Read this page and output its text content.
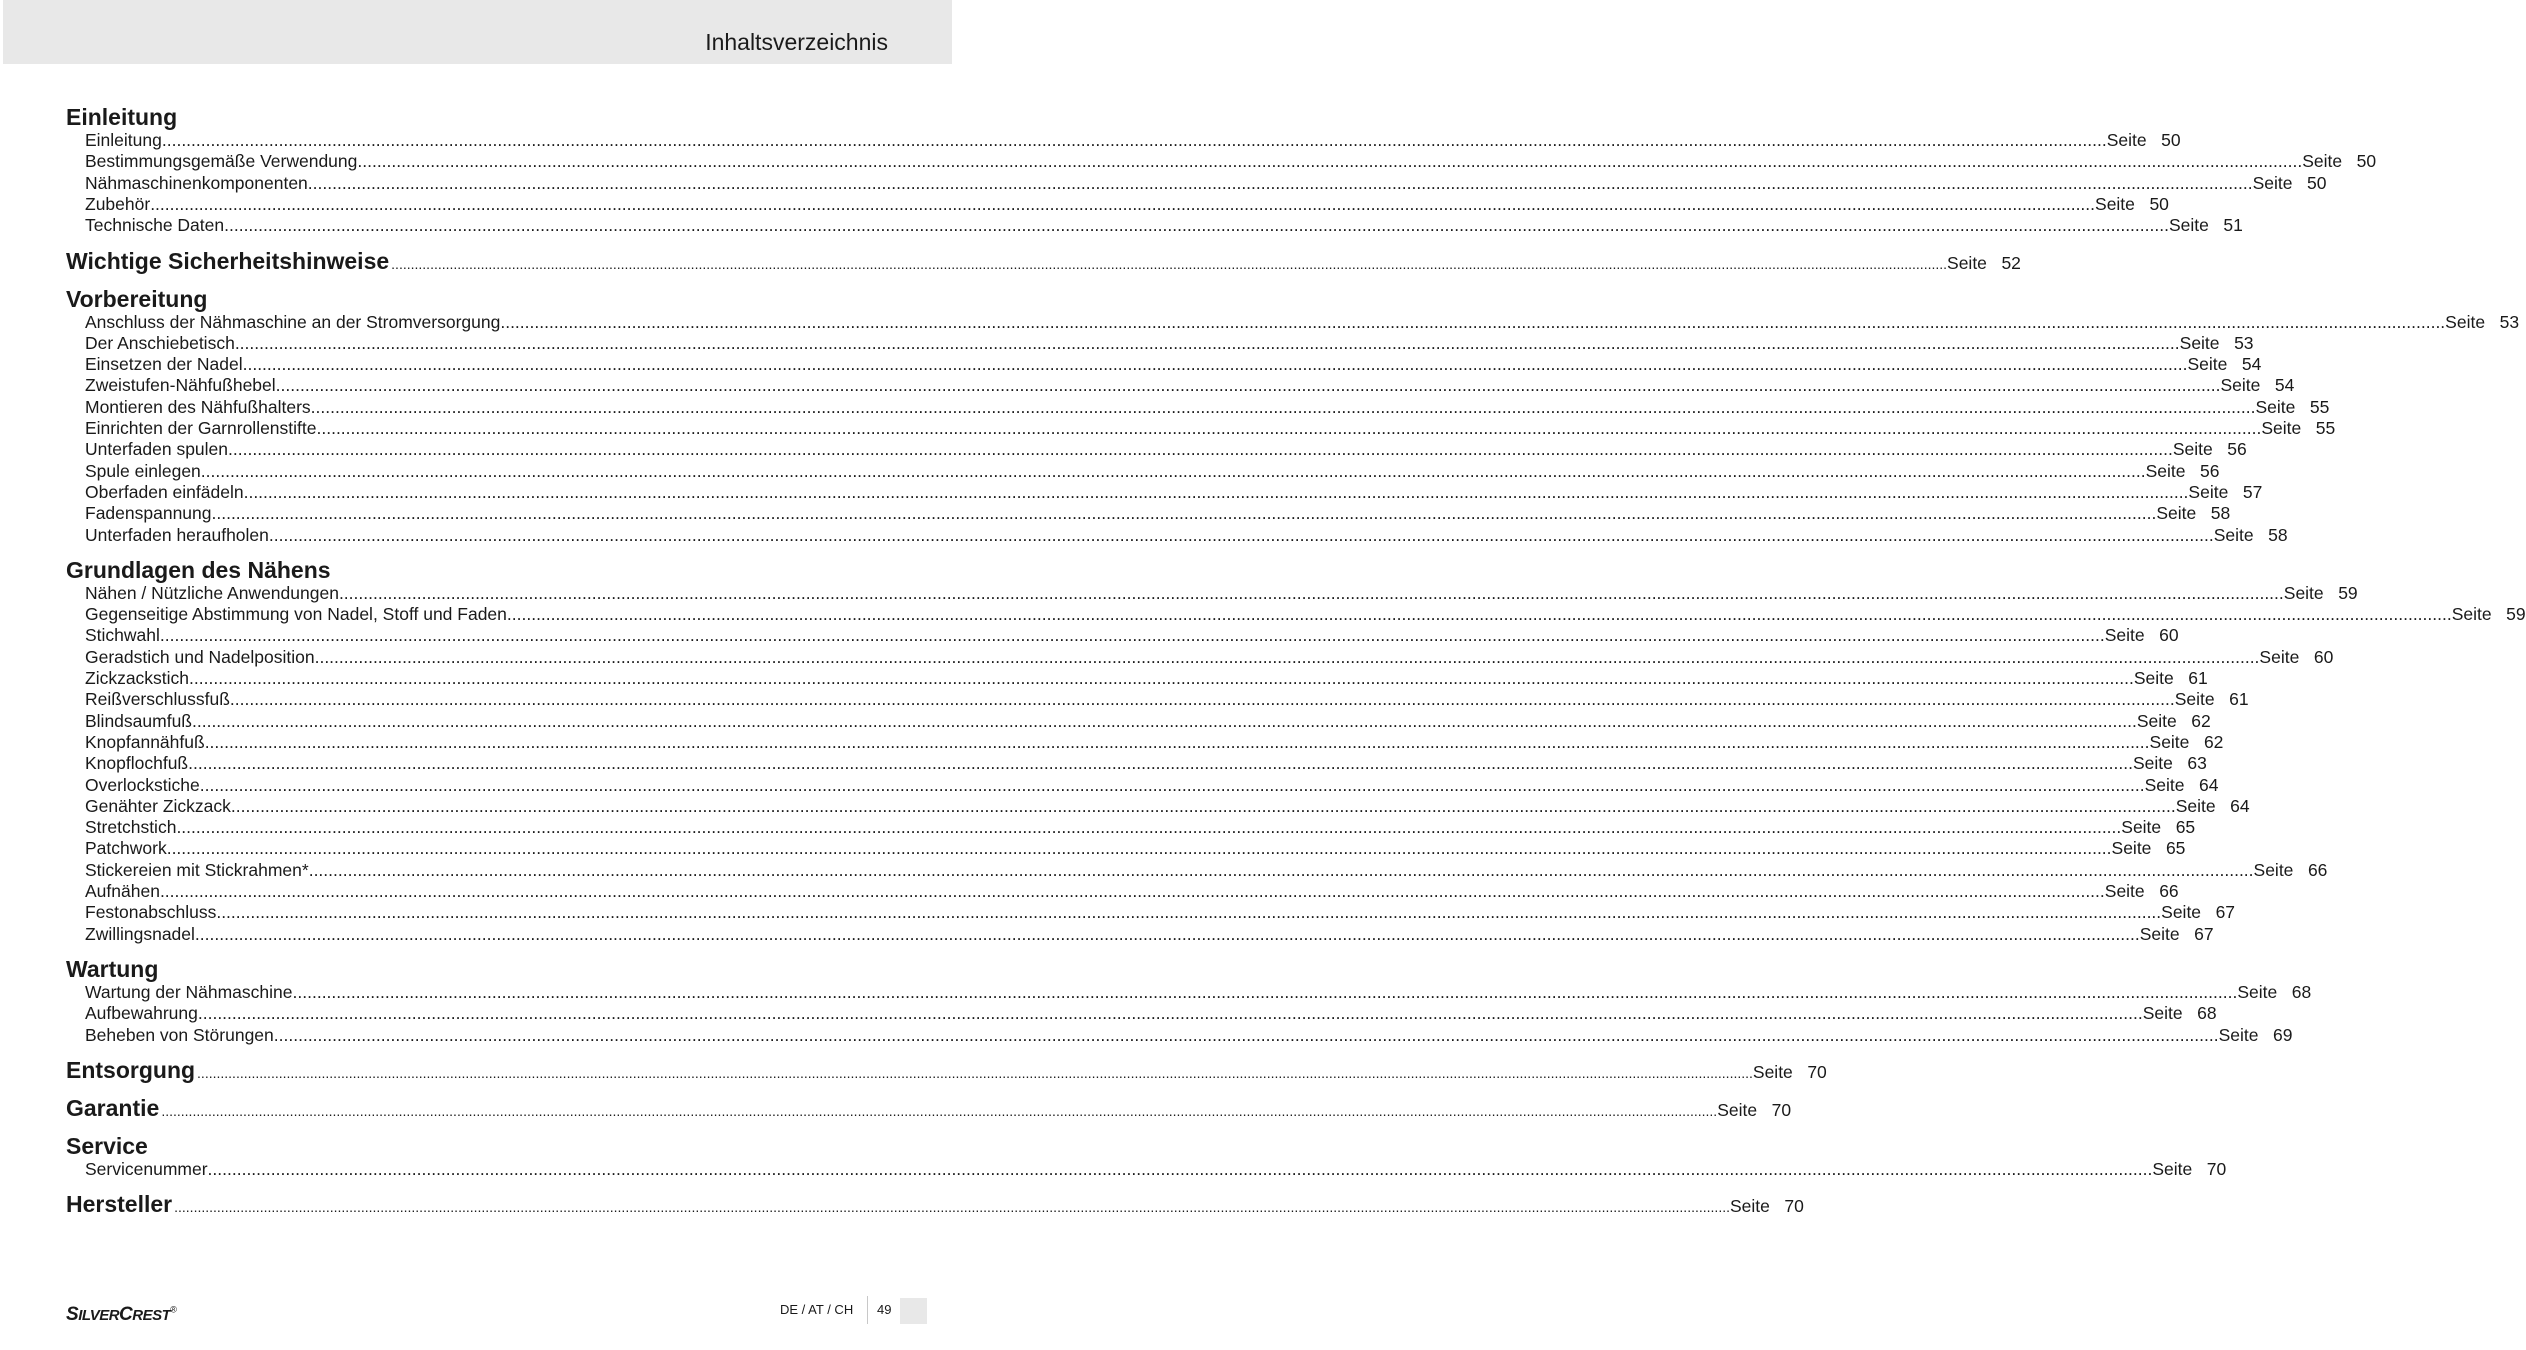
Inhaltsverzeichnis
Einleitung
Einleitung ................................................................................................................................................................................................................................................................................................................................................................................................................ Seite 50
Bestimmungsgemäße Verwendung ................................................................................................................................................................................................................................................................................................................................................................................................................ Seite 50
Nähmaschinenkomponenten ................................................................................................................................................................................................................................................................................................................................................................................................................ Seite 50
Zubehör ................................................................................................................................................................................................................................................................................................................................................................................................................ Seite 50
Technische Daten ................................................................................................................................................................................................................................................................................................................................................................................................................ Seite 51
Wichtige Sicherheitshinweise ................................................................................................................................................................................................................................................................................................................................................................................................................ Seite 52
Vorbereitung
Anschluss der Nähmaschine an der Stromversorgung ................................................................................................................................................................................................................................................................................................................................................................................................................ Seite 53
Der Anschiebetisch ................................................................................................................................................................................................................................................................................................................................................................................................................ Seite 53
Einsetzen der Nadel ................................................................................................................................................................................................................................................................................................................................................................................................................ Seite 54
Zweistufen-Nähfußhebel ................................................................................................................................................................................................................................................................................................................................................................................................................ Seite 54
Montieren des Nähfußhalters ................................................................................................................................................................................................................................................................................................................................................................................................................ Seite 55
Einrichten der Garnrollenstifte ................................................................................................................................................................................................................................................................................................................................................................................................................ Seite 55
Unterfaden spulen ................................................................................................................................................................................................................................................................................................................................................................................................................ Seite 56
Spule einlegen ................................................................................................................................................................................................................................................................................................................................................................................................................ Seite 56
Oberfaden einfädeln ................................................................................................................................................................................................................................................................................................................................................................................................................ Seite 57
Fadenspannung ................................................................................................................................................................................................................................................................................................................................................................................................................ Seite 58
Unterfaden heraufholen ................................................................................................................................................................................................................................................................................................................................................................................................................ Seite 58
Grundlagen des Nähens
Nähen / Nützliche Anwendungen ................................................................................................................................................................................................................................................................................................................................................................................................................ Seite 59
Gegenseitige Abstimmung von Nadel, Stoff und Faden ................................................................................................................................................................................................................................................................................................................................................................................................................ Seite 59
Stichwahl ................................................................................................................................................................................................................................................................................................................................................................................................................ Seite 60
Geradstich und Nadelposition ................................................................................................................................................................................................................................................................................................................................................................................................................ Seite 60
Zickzackstich ................................................................................................................................................................................................................................................................................................................................................................................................................ Seite 61
Reißverschlussfuß ................................................................................................................................................................................................................................................................................................................................................................................................................ Seite 61
Blindsaumfuß ................................................................................................................................................................................................................................................................................................................................................................................................................ Seite 62
Knopfannähfuß ................................................................................................................................................................................................................................................................................................................................................................................................................ Seite 62
Knopflochfuß ................................................................................................................................................................................................................................................................................................................................................................................................................ Seite 63
Overlockstiche ................................................................................................................................................................................................................................................................................................................................................................................................................ Seite 64
Genähter Zickzack ................................................................................................................................................................................................................................................................................................................................................................................................................ Seite 64
Stretchstich ................................................................................................................................................................................................................................................................................................................................................................................................................ Seite 65
Patchwork ................................................................................................................................................................................................................................................................................................................................................................................................................ Seite 65
Stickereien mit Stickrahmen* ................................................................................................................................................................................................................................................................................................................................................................................................................ Seite 66
Aufnähen ................................................................................................................................................................................................................................................................................................................................................................................................................ Seite 66
Festonabschluss ................................................................................................................................................................................................................................................................................................................................................................................................................ Seite 67
Zwillingsnadel ................................................................................................................................................................................................................................................................................................................................................................................................................ Seite 67
Wartung
Wartung der Nähmaschine ................................................................................................................................................................................................................................................................................................................................................................................................................ Seite 68
Aufbewahrung ................................................................................................................................................................................................................................................................................................................................................................................................................ Seite 68
Beheben von Störungen ................................................................................................................................................................................................................................................................................................................................................................................................................ Seite 69
Entsorgung ................................................................................................................................................................................................................................................................................................................................................................................................................ Seite 70
Garantie ................................................................................................................................................................................................................................................................................................................................................................................................................ Seite 70
Service
Servicenummer ................................................................................................................................................................................................................................................................................................................................................................................................................ Seite 70
Hersteller ................................................................................................................................................................................................................................................................................................................................................................................................................ Seite 70
SILVERCREST®	DE / AT / CH 49
